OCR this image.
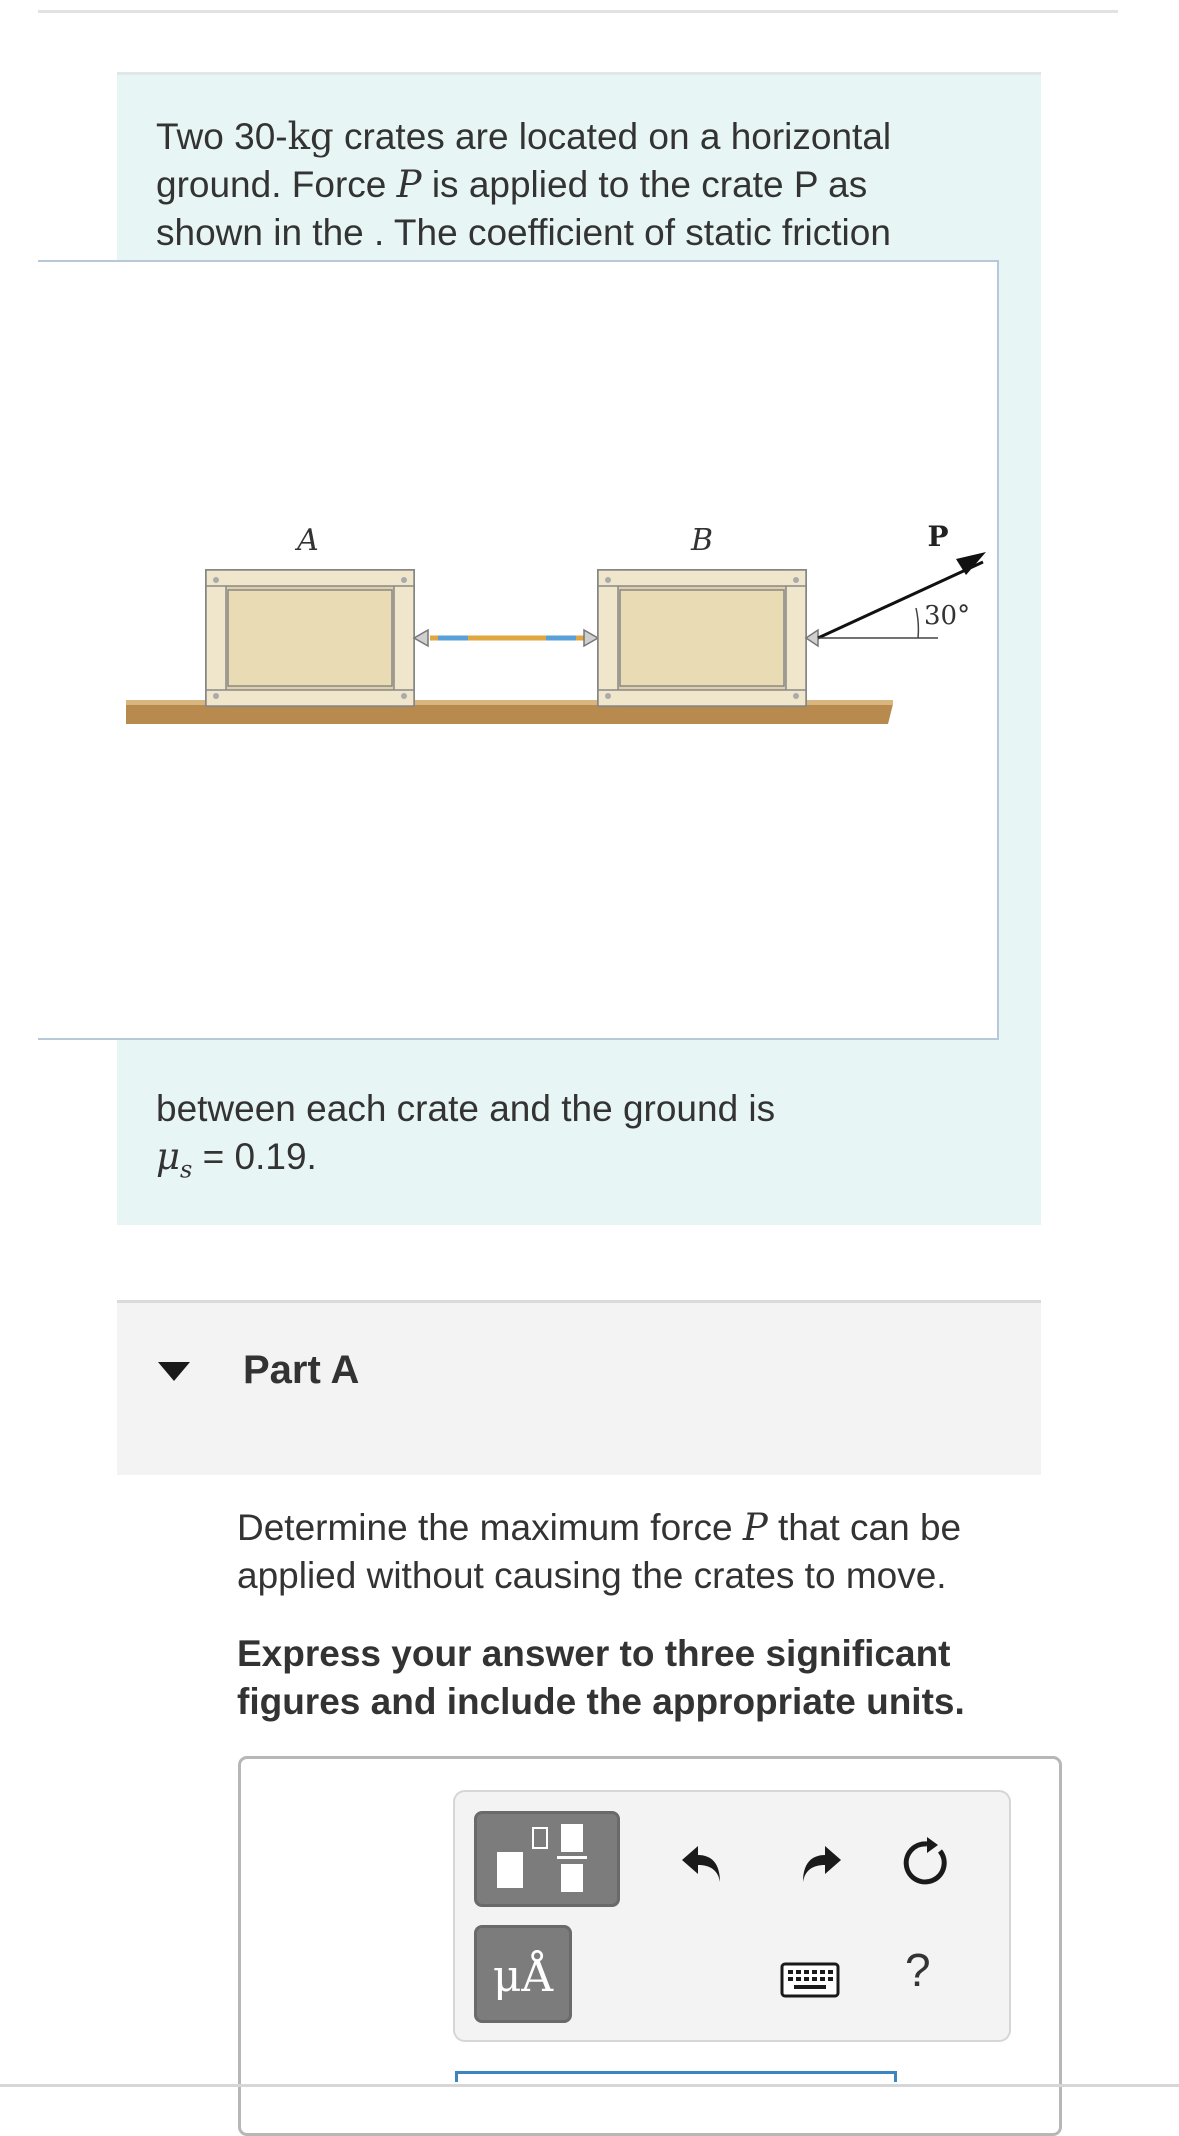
Two 30-kg crates are located on a horizontal ground. Force P is applied to the crate P as shown in the . The coefficient of static friction
A	B	P
30°
between each crate and the ground is
$\mu_s = 0.19$.
Part A
Determine the maximum force P that can be applied without causing the crates to move.
Express your answer to three significant figures and include the appropriate units.
μÅ	?
